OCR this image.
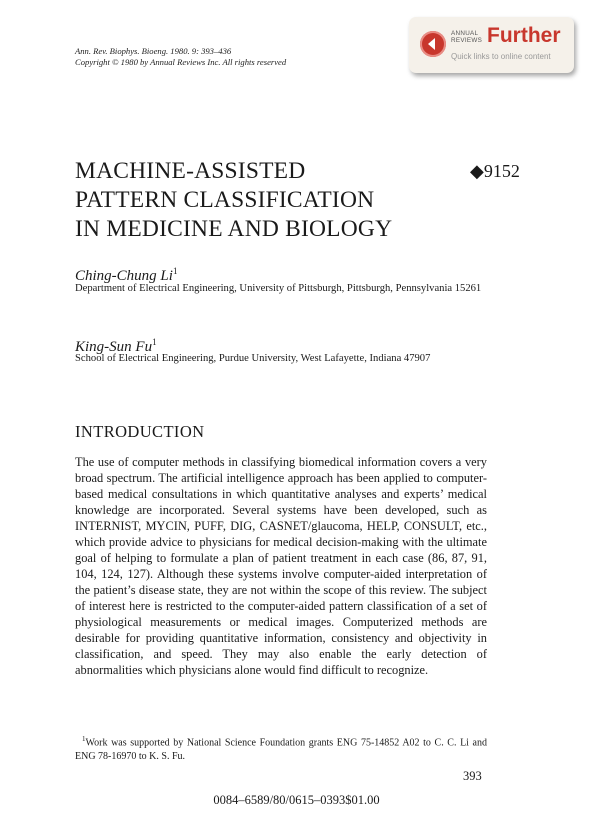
Ann. Rev. Biophys. Bioeng. 1980. 9: 393–436
Copyright © 1980 by Annual Reviews Inc. All rights reserved
ANNUAL
REVIEWS Further
Quick links to online content
MACHINE-ASSISTED
PATTERN CLASSIFICATION
IN MEDICINE AND BIOLOGY
◆9152
Ching-Chung Li$^1$
Department of Electrical Engineering, University of Pittsburgh, Pittsburgh, Pennsylvania 15261
King-Sun Fu$^1$
School of Electrical Engineering, Purdue University, West Lafayette, Indiana 47907
INTRODUCTION
The use of computer methods in classifying biomedical information covers a very broad spectrum. The artificial intelligence approach has been applied to computer-based medical consultations in which quantitative analyses and experts’ medical knowledge are incorporated. Several systems have been developed, such as INTERNIST, MYCIN, PUFF, DIG, CASNET/glaucoma, HELP, CONSULT, etc., which provide advice to physicians for medical decision-making with the ultimate goal of helping to formulate a plan of patient treatment in each case (86, 87, 91, 104, 124, 127). Although these systems involve computer-aided interpretation of the patient’s disease state, they are not within the scope of this review. The subject of interest here is restricted to the computer-aided pattern classification of a set of physiological measurements or medical images. Computerized methods are desirable for providing quantitative information, consistency and objectivity in classification, and speed. They may also enable the early detection of abnormalities which physicians alone would find difficult to recognize.
$^1$Work was supported by National Science Foundation grants ENG 75-14852 A02 to C. C. Li and ENG 78-16970 to K. S. Fu.
393
0084–6589/80/0615–0393$01.00
